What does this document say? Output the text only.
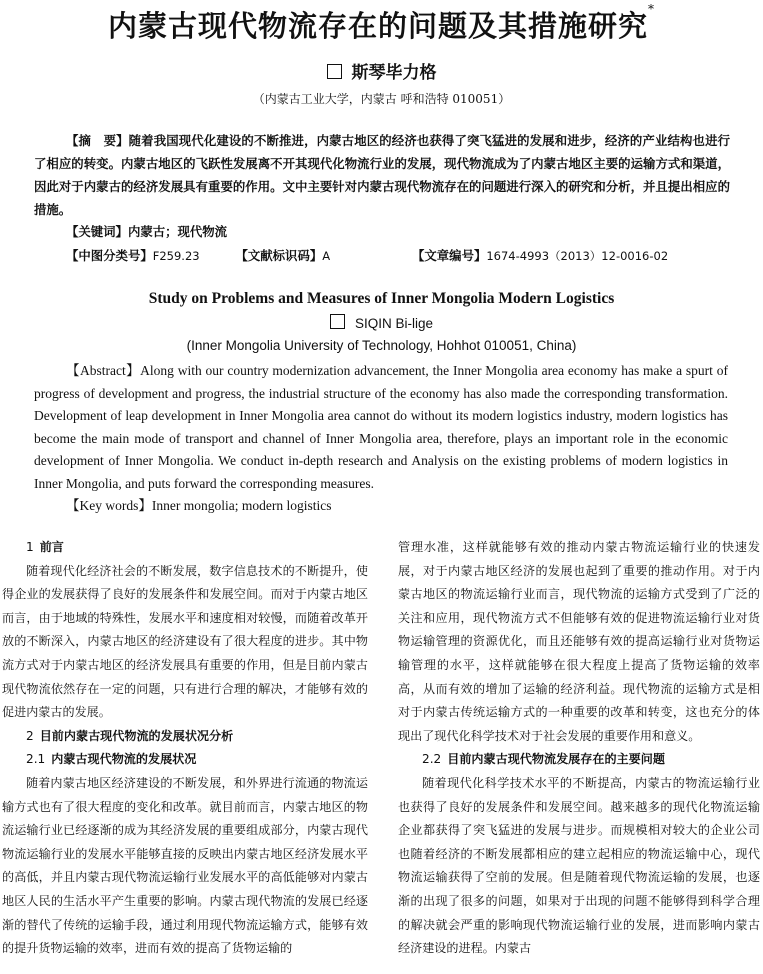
内蒙古现代物流存在的问题及其措施研究*
斯琴毕力格
（内蒙古工业大学，内蒙古 呼和浩特 010051）
【摘　要】随着我国现代化建设的不断推进，内蒙古地区的经济也获得了突飞猛进的发展和进步，经济的产业结构也进行了相应的转变。内蒙古地区的飞跃性发展离不开其现代化物流行业的发展，现代物流成为了内蒙古地区主要的运输方式和渠道，因此对于内蒙古的经济发展具有重要的作用。文中主要针对内蒙古现代物流存在的问题进行深入的研究和分析，并且提出相应的措施。
【关键词】内蒙古；现代物流
【中图分类号】F259.23	【文献标识码】A	【文章编号】1674-4993（2013）12-0016-02
Study on Problems and Measures of Inner Mongolia Modern Logistics
SIQIN Bi-lige
(Inner Mongolia University of Technology, Hohhot 010051, China)
【Abstract】Along with our country modernization advancement, the Inner Mongolia area economy has make a spurt of progress of development and progress, the industrial structure of the economy has also made the corresponding transformation. Development of leap development in Inner Mongolia area cannot do without its modern logistics industry, modern logistics has become the main mode of transport and channel of Inner Mongolia area, therefore, plays an important role in the economic development of Inner Mongolia. We conduct in-depth research and Analysis on the existing problems of modern logistics in Inner Mongolia, and puts forward the corresponding measures.
【Key words】Inner mongolia; modern logistics

1 前言

随着现代化经济社会的不断发展，数字信息技术的不断提升，使得企业的发展获得了良好的发展条件和发展空间。而对于内蒙古地区而言，由于地域的特殊性，发展水平和速度相对较慢，而随着改革开放的不断深入，内蒙古地区的经济建设有了很大程度的进步。其中物流方式对于内蒙古地区的经济发展具有重要的作用，但是目前内蒙古现代物流依然存在一定的问题，只有进行合理的解决，才能够有效的促进内蒙古的发展。

2 目前内蒙古现代物流的发展状况分析

2.1 内蒙古现代物流的发展状况

随着内蒙古地区经济建设的不断发展，和外界进行流通的物流运输方式也有了很大程度的变化和改革。就目前而言，内蒙古地区的物流运输行业已经逐渐的成为其经济发展的重要组成部分，内蒙古现代物流运输行业的发展水平能够直接的反映出内蒙古地区经济发展水平的高低，并且内蒙古现代物流运输行业发展水平的高低能够对内蒙古地区人民的生活水平产生重要的影响。内蒙古现代物流的发展已经逐渐的替代了传统的运输手段，通过利用现代物流运输方式，能够有效的提升货物运输的效率，进而有效的提高了货物运输的

管理水准，这样就能够有效的推动内蒙古物流运输行业的快速发展，对于内蒙古地区经济的发展也起到了重要的推动作用。对于内蒙古地区的物流运输行业而言，现代物流的运输方式受到了广泛的关注和应用，现代物流方式不但能够有效的促进物流运输行业对货物运输管理的资源优化，而且还能够有效的提高运输行业对货物运输管理的水平，这样就能够在很大程度上提高了货物运输的效率高，从而有效的增加了运输的经济利益。现代物流的运输方式是相对于内蒙古传统运输方式的一种重要的改革和转变，这也充分的体现出了现代化科学技术对于社会发展的重要作用和意义。

2.2 目前内蒙古现代物流发展存在的主要问题

随着现代化科学技术水平的不断提高，内蒙古的物流运输行业也获得了良好的发展条件和发展空间。越来越多的现代化物流运输企业都获得了突飞猛进的发展与进步。而规模相对较大的企业公司也随着经济的不断发展都相应的建立起相应的物流运输中心，现代物流运输获得了空前的发展。但是随着现代物流运输的发展，也逐渐的出现了很多的问题，如果对于出现的问题不能够得到科学合理的解决就会严重的影响现代物流运输行业的发展，进而影响内蒙古经济建设的进程。内蒙古
